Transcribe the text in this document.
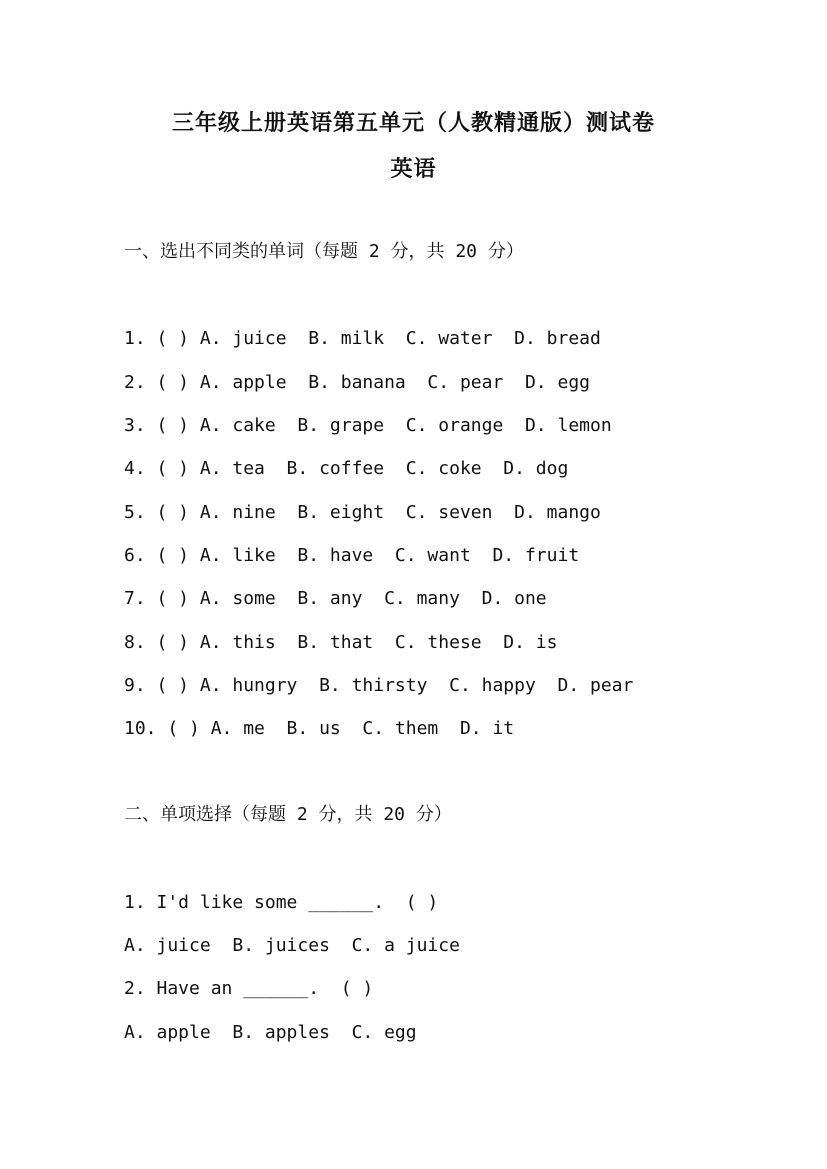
三年级上册英语第五单元（人教精通版）测试卷
英语
一、选出不同类的单词（每题 2 分，共 20 分）
1. ( ) A. juice  B. milk  C. water  D. bread
2. ( ) A. apple  B. banana  C. pear  D. egg
3. ( ) A. cake  B. grape  C. orange  D. lemon
4. ( ) A. tea  B. coffee  C. coke  D. dog
5. ( ) A. nine  B. eight  C. seven  D. mango
6. ( ) A. like  B. have  C. want  D. fruit
7. ( ) A. some  B. any  C. many  D. one
8. ( ) A. this  B. that  C. these  D. is
9. ( ) A. hungry  B. thirsty  C. happy  D. pear
10. ( ) A. me  B. us  C. them  D. it
二、单项选择（每题 2 分，共 20 分）
1. I'd like some ______.  ( )
A. juice  B. juices  C. a juice
2. Have an ______.  ( )
A. apple  B. apples  C. egg
